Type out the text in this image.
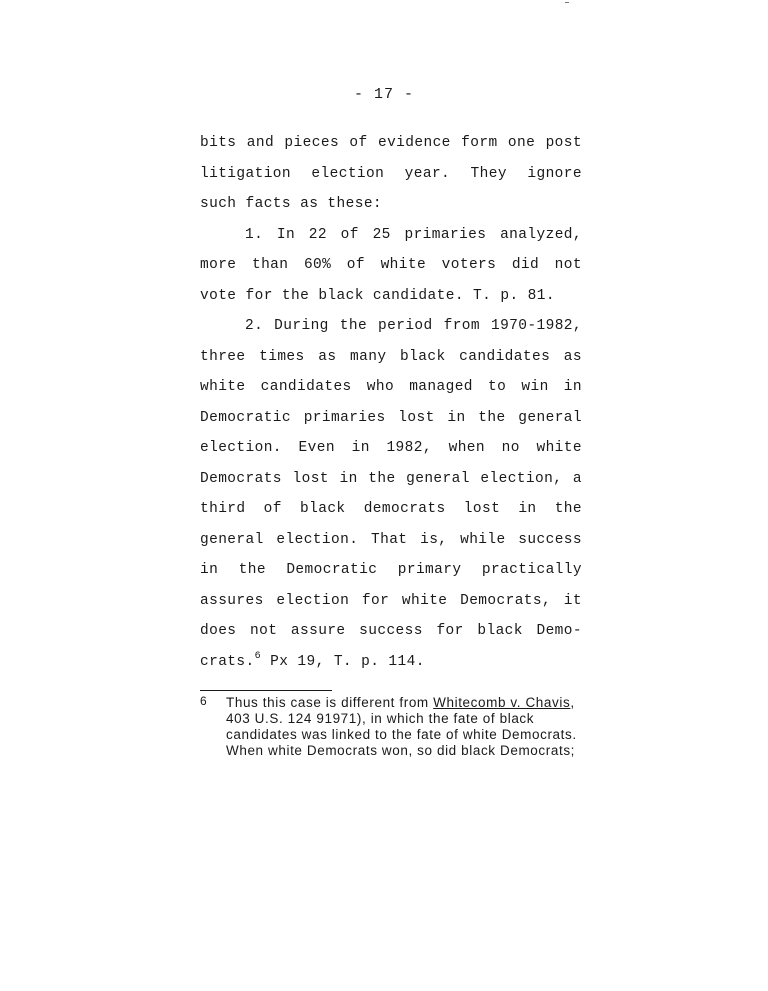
- 17 -

bits and pieces of evidence form one post litigation election year. They ignore such facts as these:

1. In 22 of 25 primaries analyzed, more than 60% of white voters did not vote for the black candidate. T. p. 81.

2. During the period from 1970-1982, three times as many black candidates as white candidates who managed to win in Democratic primaries lost in the general election. Even in 1982, when no white Democrats lost in the general election, a third of black democrats lost in the general election. That is, while success in the Democratic primary practically assures election for white Democrats, it does not assure success for black Demo-crats.$^6$ Px 19, T. p. 114.

6 Thus this case is different from Whitecomb v. Chavis, 403 U.S. 124 91971), in which the fate of black candidates was linked to the fate of white Democrats. When white Democrats won, so did black Democrats;
